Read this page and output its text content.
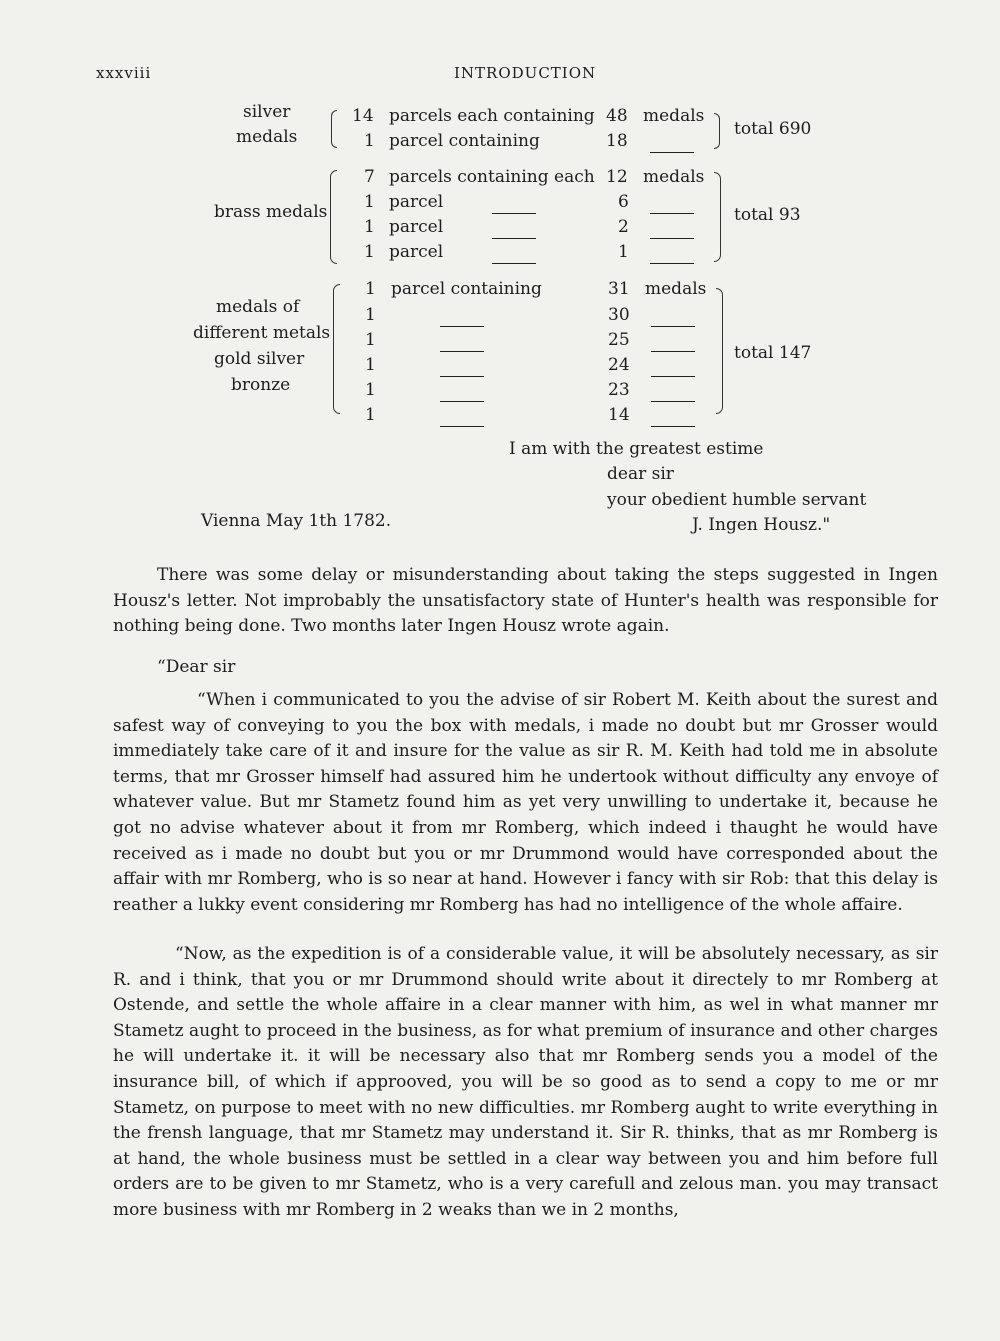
xxxviii	INTRODUCTION
silver
medals
14 parcels each containing 48 medals
1 parcel containing	18
total 690
brass medals
7 parcels containing each 12 medals
1 parcel	6
1 parcel	2
1 parcel	1
total 93
medals of
different metals
gold silver
bronze
1 parcel containing	31 medals
1	30
1	25
1	24
1	23
1	14
total 147
I am with the greatest estime
dear sir
your obedient humble servant
Vienna May 1th 1782.	J. Ingen Housz."

There was some delay or misunderstanding about taking the steps suggested in Ingen Housz's letter. Not improbably the unsatisfactory state of Hunter's health was responsible for nothing being done. Two months later Ingen Housz wrote again.

“Dear sir

“When i communicated to you the advise of sir Robert M. Keith about the surest and safest way of conveying to you the box with medals, i made no doubt but mr Grosser would immediately take care of it and insure for the value as sir R. M. Keith had told me in absolute terms, that mr Grosser himself had assured him he undertook without difficulty any envoye of whatever value. But mr Stametz found him as yet very unwilling to undertake it, because he got no advise whatever about it from mr Romberg, which indeed i thaught he would have received as i made no doubt but you or mr Drummond would have corresponded about the affair with mr Romberg, who is so near at hand. However i fancy with sir Rob: that this delay is reather a lukky event considering mr Romberg has had no intelligence of the whole affaire.

“Now, as the expedition is of a considerable value, it will be absolutely necessary, as sir R. and i think, that you or mr Drummond should write about it directely to mr Romberg at Ostende, and settle the whole affaire in a clear manner with him, as wel in what manner mr Stametz aught to proceed in the business, as for what premium of insurance and other charges he will undertake it. it will be necessary also that mr Romberg sends you a model of the insurance bill, of which if approoved, you will be so good as to send a copy to me or mr Stametz, on purpose to meet with no new difficulties. mr Romberg aught to write everything in the frensh language, that mr Stametz may understand it. Sir R. thinks, that as mr Romberg is at hand, the whole business must be settled in a clear way between you and him before full orders are to be given to mr Stametz, who is a very carefull and zelous man. you may transact more business with mr Romberg in 2 weaks than we in 2 months,
